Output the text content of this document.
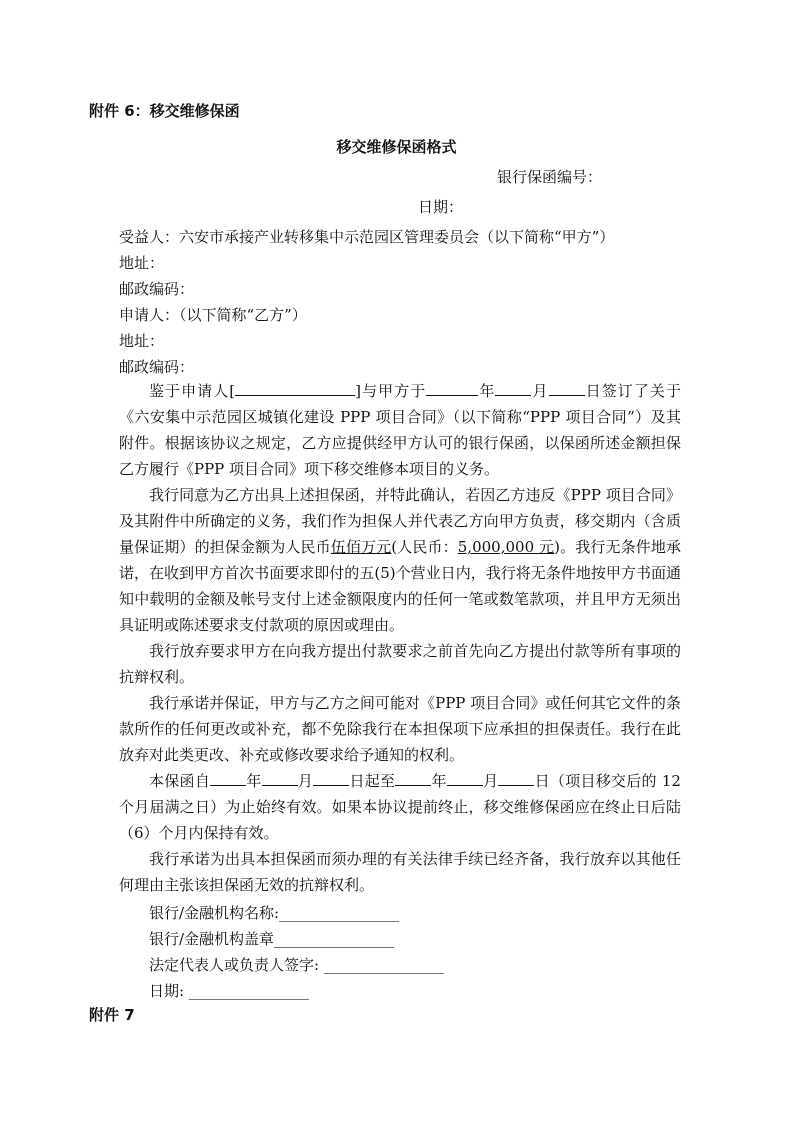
附件 6：移交维修保函
移交维修保函格式
银行保函编号：
日期：
受益人：六安市承接产业转移集中示范园区管理委员会（以下简称“甲方”）
地址：
邮政编码：
申请人：（以下简称“乙方”）
地址：
邮政编码：
鉴于申请人[	]与甲方于	年 月 日签订了关于《六安集中示范园区城镇化建设 PPP 项目合同》（以下简称“PPP 项目合同”）及其附件。根据该协议之规定，乙方应提供经甲方认可的银行保函，以保函所述金额担保乙方履行《PPP 项目合同》项下移交维修本项目的义务。
我行同意为乙方出具上述担保函，并特此确认，若因乙方违反《PPP 项目合同》及其附件中所确定的义务，我们作为担保人并代表乙方向甲方负责，移交期内（含质量保证期）的担保金额为人民币伍佰万元(人民币：5,000,000 元)。我行无条件地承诺，在收到甲方首次书面要求即付的五(5)个营业日内，我行将无条件地按甲方书面通知中载明的金额及帐号支付上述金额限度内的任何一笔或数笔款项，并且甲方无须出具证明或陈述要求支付款项的原因或理由。
我行放弃要求甲方在向我方提出付款要求之前首先向乙方提出付款等所有事项的抗辩权利。
我行承诺并保证，甲方与乙方之间可能对《PPP 项目合同》或任何其它文件的条款所作的任何更改或补充，都不免除我行在本担保项下应承担的担保责任。我行在此放弃对此类更改、补充或修改要求给予通知的权利。
本保函自 年 月 日起至 年 月 日（项目移交后的 12 个月届满之日）为止始终有效。如果本协议提前终止，移交维修保函应在终止日后陆（6）个月内保持有效。
我行承诺为出具本担保函而须办理的有关法律手续已经齐备，我行放弃以其他任何理由主张该担保函无效的抗辩权利。
银行/金融机构名称:________________
银行/金融机构盖章________________
法定代表人或负责人签字: ________________
日期: ________________
附件 7
